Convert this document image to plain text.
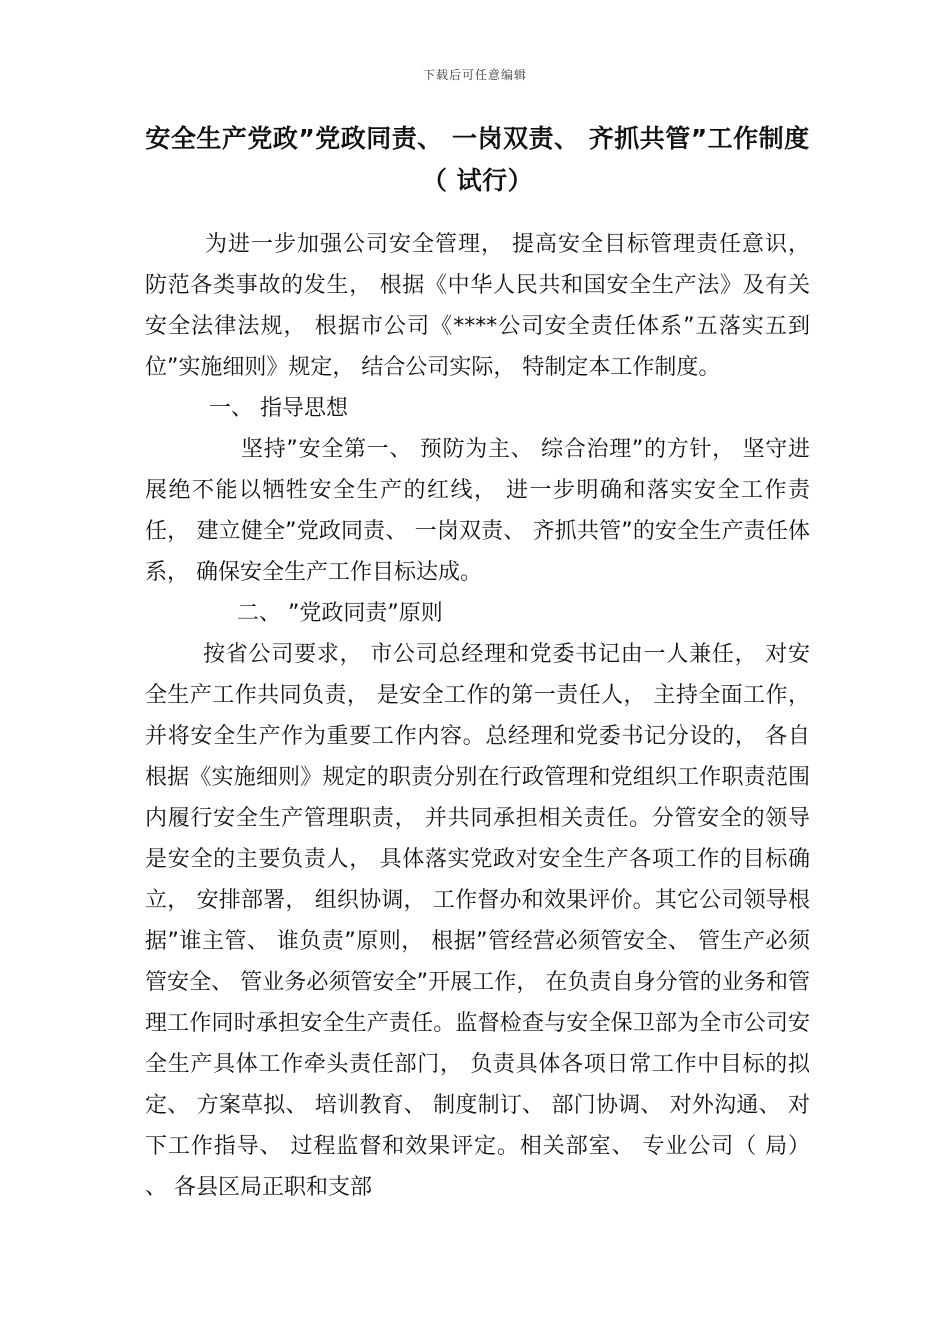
下载后可任意编辑
安全生产党政”党政同责、 一岗双责、 齐抓共管”工作制度（ 试行）

为进一步加强公司安全管理， 提高安全目标管理责任意识， 防范各类事故的发生， 根据《中华人民共和国安全生产法》及有关安全法律法规， 根据市公司《****公司安全责任体系”五落实五到位”实施细则》规定， 结合公司实际， 特制定本工作制度。

一、 指导思想

坚持”安全第一、 预防为主、 综合治理”的方针， 坚守进展绝不能以牺牲安全生产的红线， 进一步明确和落实安全工作责任， 建立健全”党政同责、 一岗双责、 齐抓共管”的安全生产责任体系， 确保安全生产工作目标达成。

二、 ”党政同责”原则

按省公司要求， 市公司总经理和党委书记由一人兼任， 对安全生产工作共同负责， 是安全工作的第一责任人， 主持全面工作， 并将安全生产作为重要工作内容。总经理和党委书记分设的， 各自根据《实施细则》规定的职责分别在行政管理和党组织工作职责范围内履行安全生产管理职责， 并共同承担相关责任。分管安全的领导是安全的主要负责人， 具体落实党政对安全生产各项工作的目标确立， 安排部署， 组织协调， 工作督办和效果评价。其它公司领导根据”谁主管、 谁负责”原则， 根据”管经营必须管安全、 管生产必须管安全、 管业务必须管安全”开展工作， 在负责自身分管的业务和管理工作同时承担安全生产责任。监督检查与安全保卫部为全市公司安全生产具体工作牵头责任部门， 负责具体各项日常工作中目标的拟定、 方案草拟、 培训教育、 制度制订、 部门协调、 对外沟通、 对下工作指导、 过程监督和效果评定。相关部室、 专业公司（ 局） 、 各县区局正职和支部
